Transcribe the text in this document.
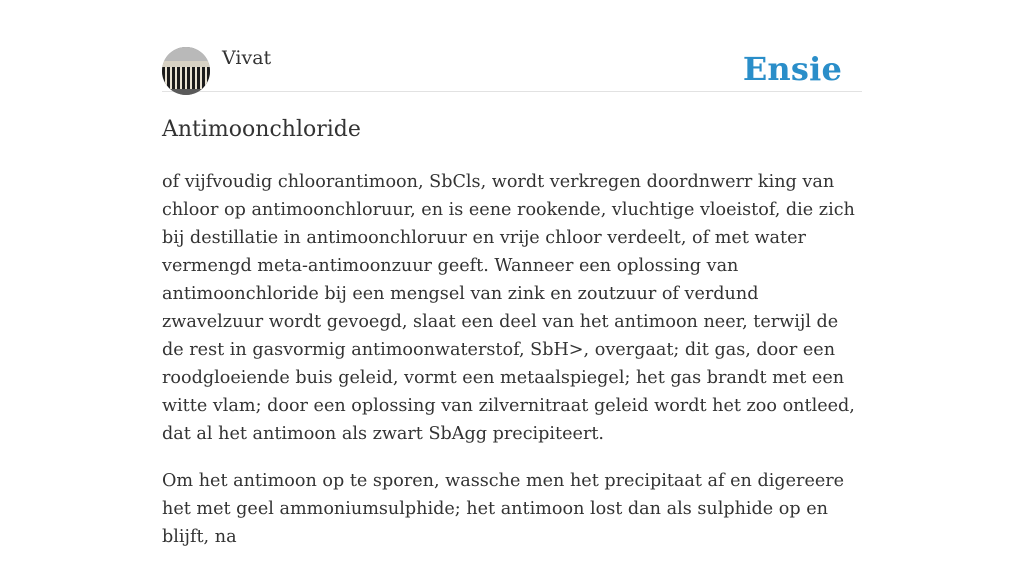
Vivat	Ensie
Antimoonchloride

of vijfvoudig chloorantimoon, SbCls, wordt verkregen doordnwerr king van chloor op antimoonchloruur, en is eene rookende, vluchtige vloeistof, die zich bij destillatie in antimoonchloruur en vrije chloor verdeelt, of met water vermengd meta-antimoonzuur geeft. Wanneer een oplossing van antimoonchloride bij een mengsel van zink en zoutzuur of verdund zwavelzuur wordt gevoegd, slaat een deel van het antimoon neer, terwijl de de rest in gasvormig antimoonwaterstof, SbH>, overgaat; dit gas, door een roodgloeiende buis geleid, vormt een metaalspiegel; het gas brandt met een witte vlam; door een oplossing van zilvernitraat geleid wordt het zoo ontleed, dat al het antimoon als zwart SbAgg precipiteert.

Om het antimoon op te sporen, wassche men het precipitaat af en digereere het met geel ammoniumsulphide; het antimoon lost dan als sulphide op en blijft, na
